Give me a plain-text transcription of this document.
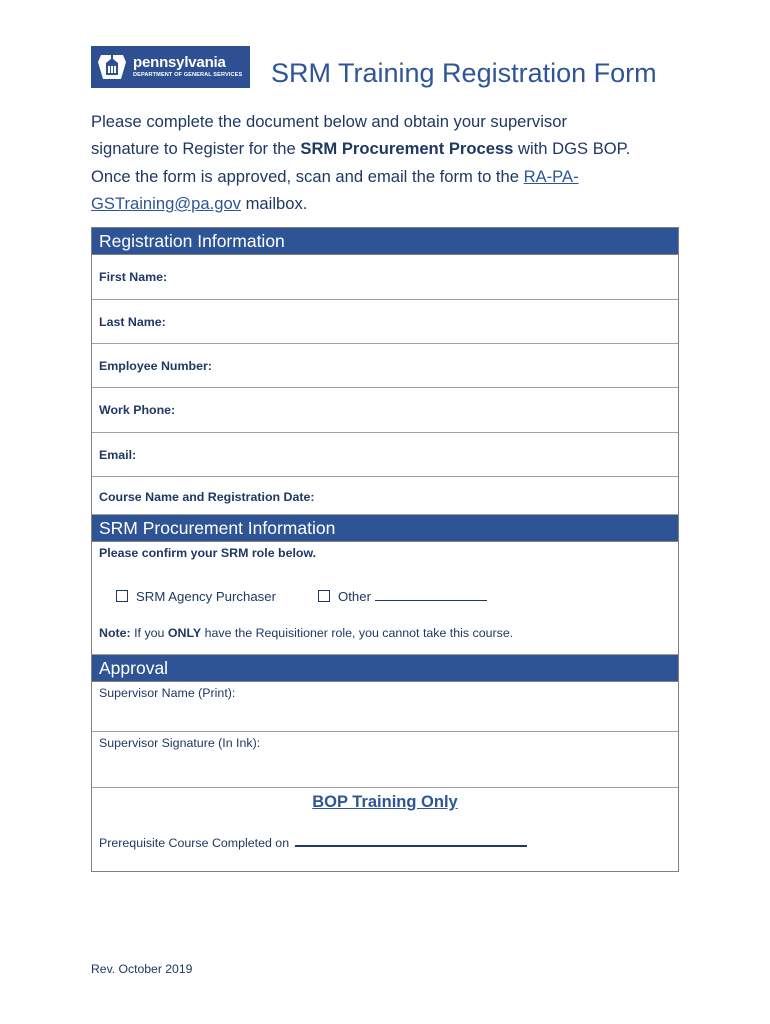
pennsylvania
DEPARTMENT OF GENERAL SERVICES SRM Training Registration Form

Please complete the document below and obtain your supervisor
signature to Register for the SRM Procurement Process with DGS BOP.
Once the form is approved, scan and email the form to the RA-PA-
GSTraining@pa.gov mailbox.

Registration Information
First Name:
Last Name:
Employee Number:
Work Phone:
Email:
Course Name and Registration Date:
SRM Procurement Information
Please confirm your SRM role below.
SRM Agency Purchaser	Other
Note: If you ONLY have the Requisitioner role, you cannot take this course.
Approval
Supervisor Name (Print):
Supervisor Signature (In Ink):
BOP Training Only
Prerequisite Course Completed on
Rev. October 2019
